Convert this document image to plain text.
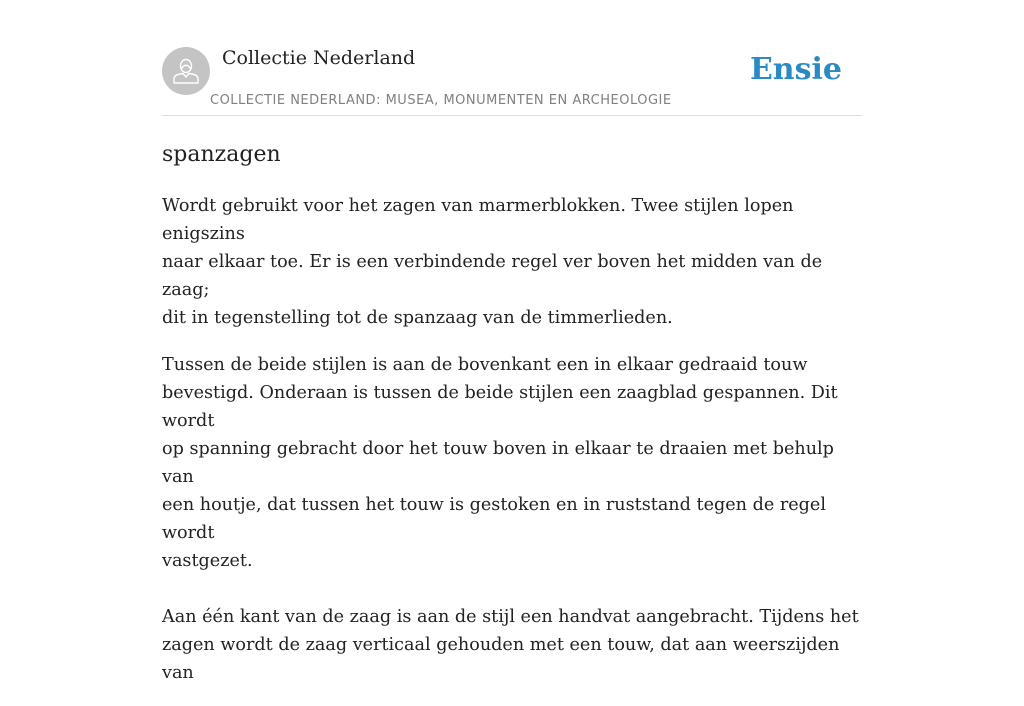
Collectie Nederland
COLLECTIE NEDERLAND: MUSEA, MONUMENTEN EN ARCHEOLOGIE
Ensie
spanzagen

Wordt gebruikt voor het zagen van marmerblokken. Twee stijlen lopen enigszins
naar elkaar toe. Er is een verbindende regel ver boven het midden van de zaag;
dit in tegenstelling tot de spanzaag van de timmerlieden.

Tussen de beide stijlen is aan de bovenkant een in elkaar gedraaid touw
bevestigd. Onderaan is tussen de beide stijlen een zaagblad gespannen. Dit wordt
op spanning gebracht door het touw boven in elkaar te draaien met behulp van
een houtje, dat tussen het touw is gestoken en in ruststand tegen de regel wordt
vastgezet.

Aan één kant van de zaag is aan de stijl een handvat aangebracht. Tijdens het
zagen wordt de zaag verticaal gehouden met een touw, dat aan weerszijden van
